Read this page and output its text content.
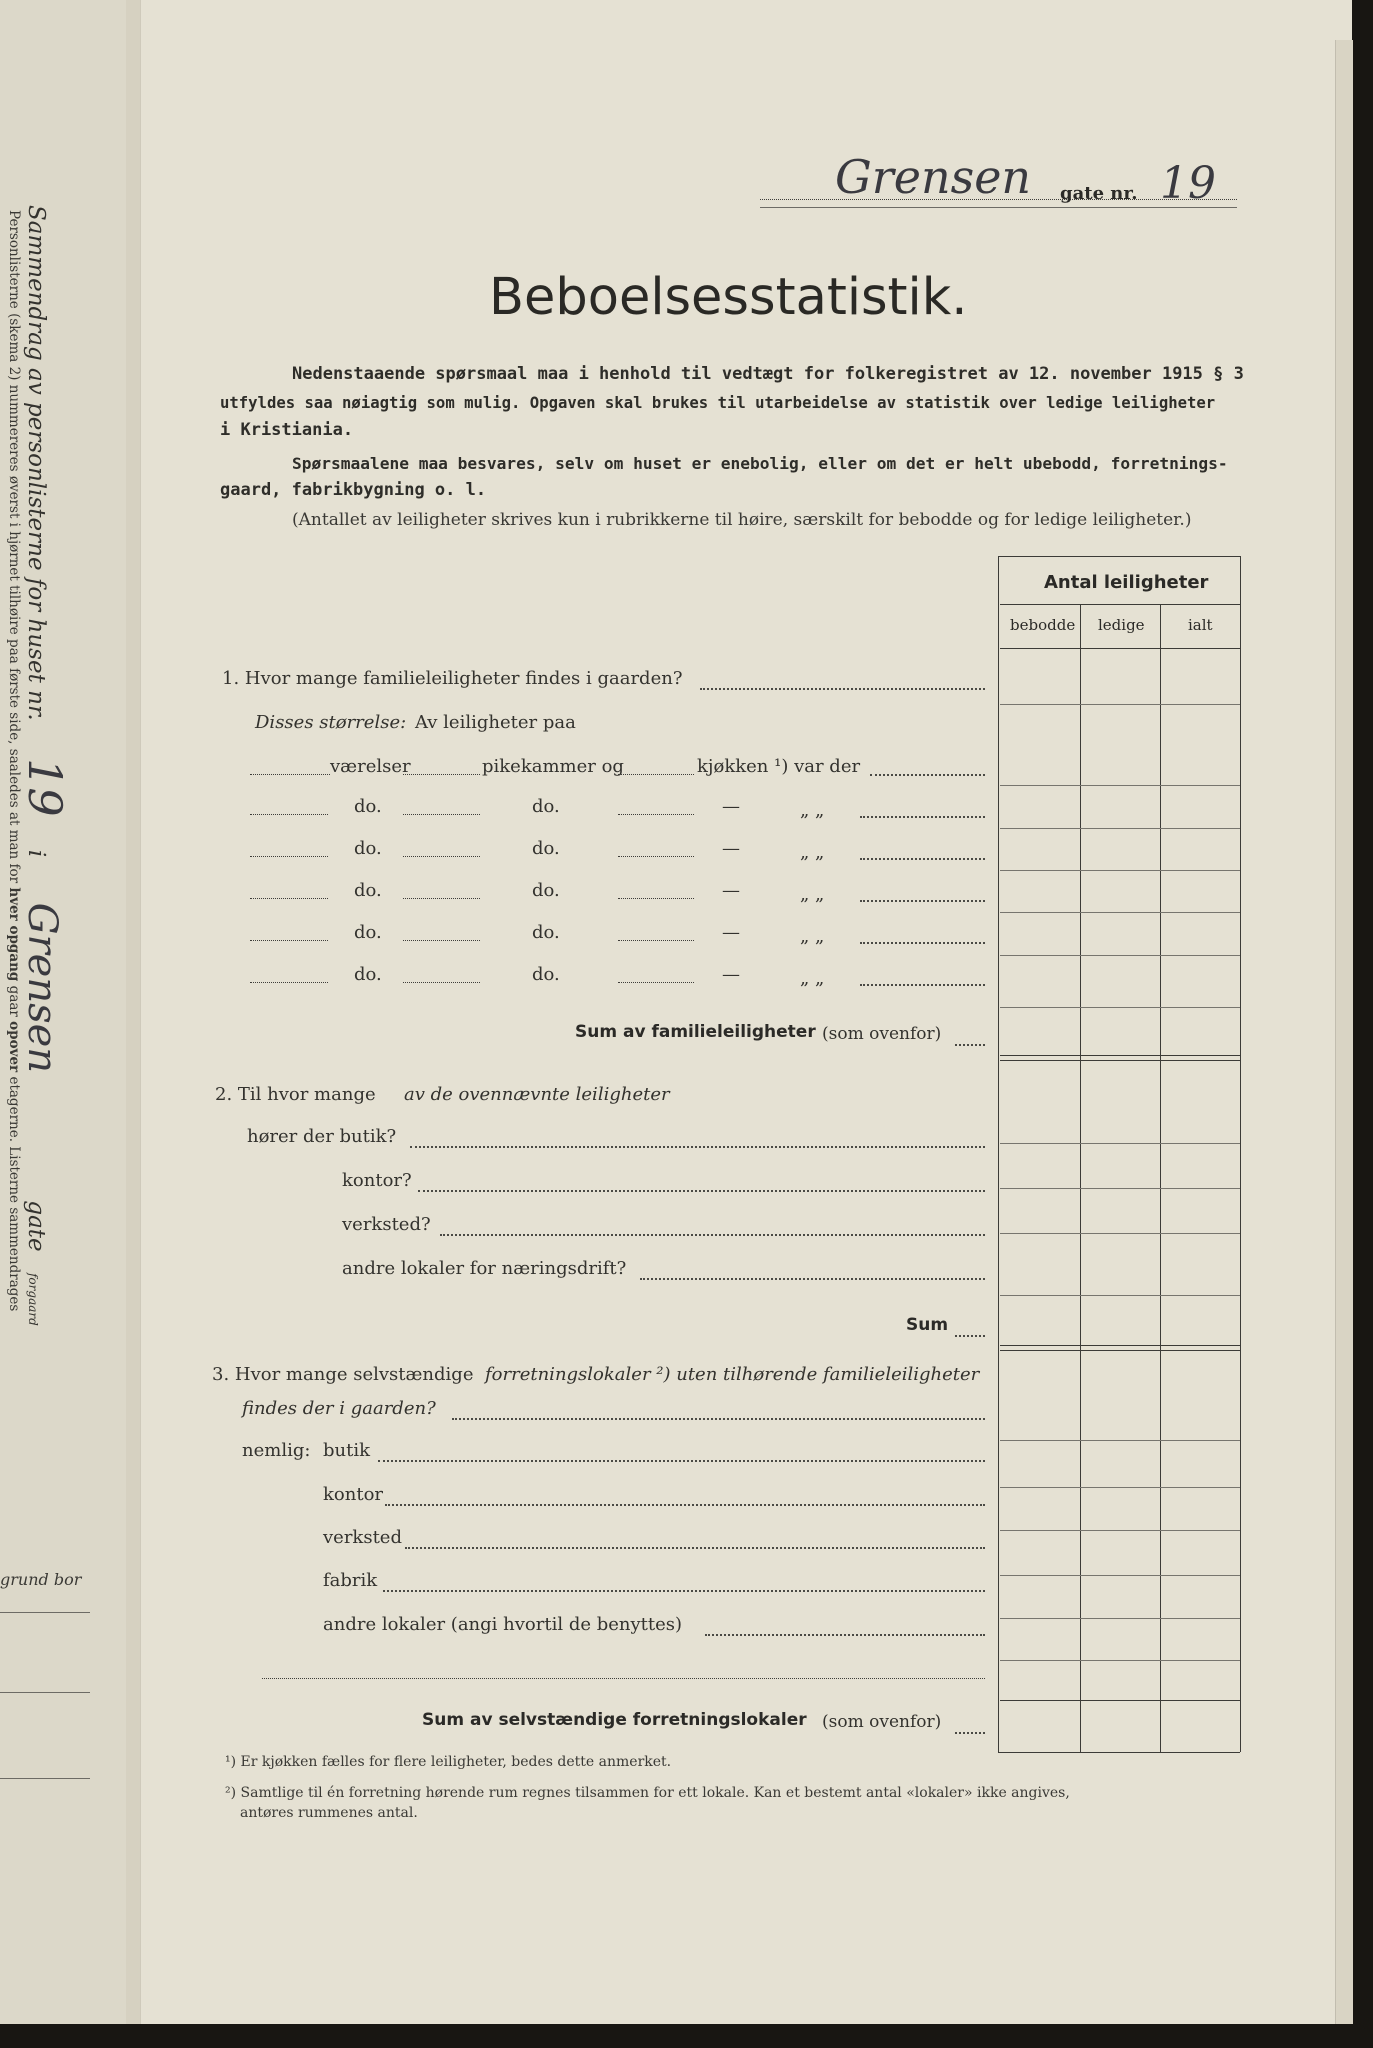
Sammendrag av personlisterne for huset nr. 19 i Grensen gate forgaard
Personlisterne (skema 2) nummereres øverst i hjørnet tilhøire paa første side, saaledes at man for hver opgang gaar opover etagerne. Listerne sammendrages
grund bor
Grensen gate nr. 19
Beboelsesstatistik.
Nedenstaaende spørsmaal maa i henhold til vedtægt for folkeregistret av 12. november 1915 § 3
utfyldes saa nøiagtig som mulig. Opgaven skal brukes til utarbeidelse av statistik over ledige leiligheter
i Kristiania.
Spørsmaalene maa besvares, selv om huset er enebolig, eller om det er helt ubebodd, forretnings-
gaard, fabrikbygning o. l.
(Antallet av leiligheter skrives kun i rubrikkerne til høire, særskilt for bebodde og for ledige leiligheter.)
Antal leiligheter
bebodde ledige	ialt
1. Hvor mange familieleiligheter findes i gaarden?
Disses størrelse: Av leiligheter paa
værelser	pikekammer og	kjøkken ¹) var der
do.	do.	—	„ „
do.	do.	—	„ „
do.	do.	—	„ „
do.	do.	—	„ „
do.	do.	—	„ „
Sum av familieleiligheter (som ovenfor)
2. Til hvor mange av de ovennævnte leiligheter
hører der butik?
kontor?
verksted?
andre lokaler for næringsdrift?
Sum
3. Hvor mange selvstændige forretningslokaler ²) uten tilhørende familieleiligheter
findes der i gaarden?
nemlig: butik
kontor
verksted
fabrik
andre lokaler (angi hvortil de benyttes)
Sum av selvstændige forretningslokaler (som ovenfor)
¹) Er kjøkken fælles for flere leiligheter, bedes dette anmerket.
²) Samtlige til én forretning hørende rum regnes tilsammen for ett lokale. Kan et bestemt antal «lokaler» ikke angives,
antøres rummenes antal.
